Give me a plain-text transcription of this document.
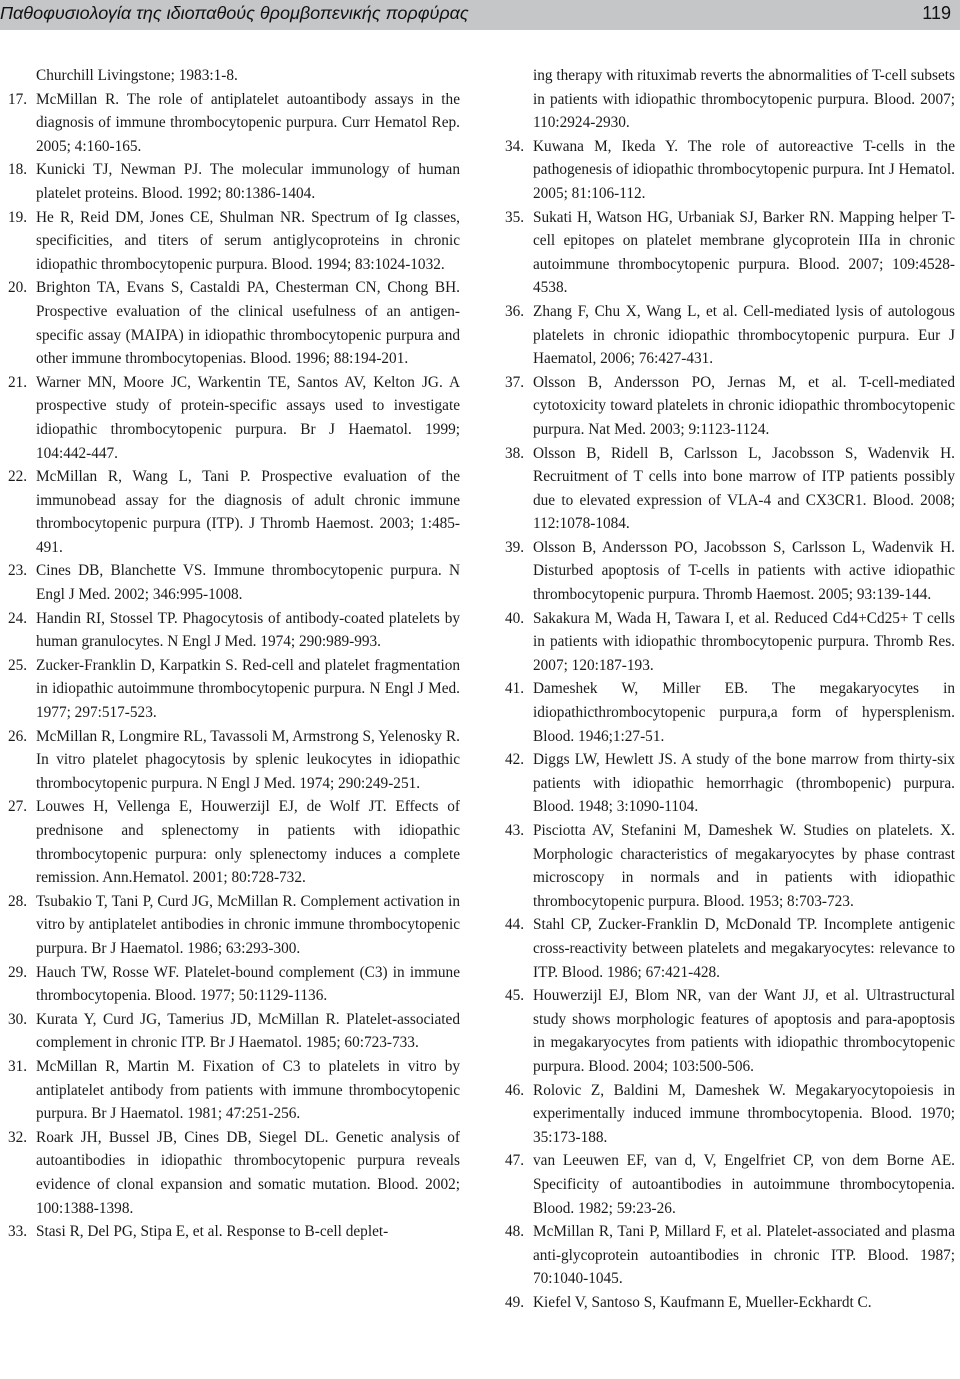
Παθοφυσιολογία της ιδιοπαθούς θρομβοπενικής πορφύρας	119
Churchill Livingstone; 1983:1-8.
17. McMillan R. The role of antiplatelet autoantibody assays in the diagnosis of immune thrombocytopenic purpura. Curr Hematol Rep. 2005; 4:160-165.
18. Kunicki TJ, Newman PJ. The molecular immunology of human platelet proteins. Blood. 1992; 80:1386-1404.
19. He R, Reid DM, Jones CE, Shulman NR. Spectrum of Ig classes, specificities, and titers of serum antiglycoproteins in chronic idiopathic thrombocytopenic purpura. Blood. 1994; 83:1024-1032.
20. Brighton TA, Evans S, Castaldi PA, Chesterman CN, Chong BH. Prospective evaluation of the clinical usefulness of an antigen-specific assay (MAIPA) in idiopathic thrombocytopenic purpura and other immune thrombocytopenias. Blood. 1996; 88:194-201.
21. Warner MN, Moore JC, Warkentin TE, Santos AV, Kelton JG. A prospective study of protein-specific assays used to investigate idiopathic thrombocytopenic purpura. Br J Haematol. 1999; 104:442-447.
22. McMillan R, Wang L, Tani P. Prospective evaluation of the immunobead assay for the diagnosis of adult chronic immune thrombocytopenic purpura (ITP). J Thromb Haemost. 2003; 1:485-491.
23. Cines DB, Blanchette VS. Immune thrombocytopenic purpura. N Engl J Med. 2002; 346:995-1008.
24. Handin RI, Stossel TP. Phagocytosis of antibody-coated platelets by human granulocytes. N Engl J Med. 1974; 290:989-993.
25. Zucker-Franklin D, Karpatkin S. Red-cell and platelet fragmentation in idiopathic autoimmune thrombocytopenic purpura. N Engl J Med. 1977; 297:517-523.
26. McMillan R, Longmire RL, Tavassoli M, Armstrong S, Yelenosky R. In vitro platelet phagocytosis by splenic leukocytes in idiopathic thrombocytopenic purpura. N Engl J Med. 1974; 290:249-251.
27. Louwes H, Vellenga E, Houwerzijl EJ, de Wolf JT. Effects of prednisone and splenectomy in patients with idiopathic thrombocytopenic purpura: only splenectomy induces a complete remission. Ann.Hematol. 2001; 80:728-732.
28. Tsubakio T, Tani P, Curd JG, McMillan R. Complement activation in vitro by antiplatelet antibodies in chronic immune thrombocytopenic purpura. Br J Haematol. 1986; 63:293-300.
29. Hauch TW, Rosse WF. Platelet-bound complement (C3) in immune thrombocytopenia. Blood. 1977; 50:1129-1136.
30. Kurata Y, Curd JG, Tamerius JD, McMillan R. Platelet-associated complement in chronic ITP. Br J Haematol. 1985; 60:723-733.
31. McMillan R, Martin M. Fixation of C3 to platelets in vitro by antiplatelet antibody from patients with immune thrombocytopenic purpura. Br J Haematol. 1981; 47:251-256.
32. Roark JH, Bussel JB, Cines DB, Siegel DL. Genetic analysis of autoantibodies in idiopathic thrombocytopenic purpura reveals evidence of clonal expansion and somatic mutation. Blood. 2002; 100:1388-1398.
33. Stasi R, Del PG, Stipa E, et al. Response to B-cell deplet-
ing therapy with rituximab reverts the abnormalities of T-cell subsets in patients with idiopathic thrombocytopenic purpura. Blood. 2007; 110:2924-2930.
34. Kuwana M, Ikeda Y. The role of autoreactive T-cells in the pathogenesis of idiopathic thrombocytopenic purpura. Int J Hematol. 2005; 81:106-112.
35. Sukati H, Watson HG, Urbaniak SJ, Barker RN. Mapping helper T-cell epitopes on platelet membrane glycoprotein IIIa in chronic autoimmune thrombocytopenic purpura. Blood. 2007; 109:4528-4538.
36. Zhang F, Chu X, Wang L, et al. Cell-mediated lysis of autologous platelets in chronic idiopathic thrombocytopenic purpura. Eur J Haematol, 2006; 76:427-431.
37. Olsson B, Andersson PO, Jernas M, et al. T-cell-mediated cytotoxicity toward platelets in chronic idiopathic thrombocytopenic purpura. Nat Med. 2003; 9:1123-1124.
38. Olsson B, Ridell B, Carlsson L, Jacobsson S, Wadenvik H. Recruitment of T cells into bone marrow of ITP patients possibly due to elevated expression of VLA-4 and CX3CR1. Blood. 2008; 112:1078-1084.
39. Olsson B, Andersson PO, Jacobsson S, Carlsson L, Wadenvik H. Disturbed apoptosis of T-cells in patients with active idiopathic thrombocytopenic purpura. Thromb Haemost. 2005; 93:139-144.
40. Sakakura M, Wada H, Tawara I, et al. Reduced Cd4+Cd25+ T cells in patients with idiopathic thrombocytopenic purpura. Thromb Res. 2007; 120:187-193.
41. Dameshek W, Miller EB. The megakaryocytes in idiopathicthrombocytopenic purpura,a form of hypersplenism. Blood. 1946;1:27-51.
42. Diggs LW, Hewlett JS. A study of the bone marrow from thirty-six patients with idiopathic hemorrhagic (thrombopenic) purpura. Blood. 1948; 3:1090-1104.
43. Pisciotta AV, Stefanini M, Dameshek W. Studies on platelets. X. Morphologic characteristics of megakaryocytes by phase contrast microscopy in normals and in patients with idiopathic thrombocytopenic purpura. Blood. 1953; 8:703-723.
44. Stahl CP, Zucker-Franklin D, McDonald TP. Incomplete antigenic cross-reactivity between platelets and megakaryocytes: relevance to ITP. Blood. 1986; 67:421-428.
45. Houwerzijl EJ, Blom NR, van der Want JJ, et al. Ultrastructural study shows morphologic features of apoptosis and para-apoptosis in megakaryocytes from patients with idiopathic thrombocytopenic purpura. Blood. 2004; 103:500-506.
46. Rolovic Z, Baldini M, Dameshek W. Megakaryocytopoiesis in experimentally induced immune thrombocytopenia. Blood. 1970; 35:173-188.
47. van Leeuwen EF, van d, V, Engelfriet CP, von dem Borne AE. Specificity of autoantibodies in autoimmune thrombocytopenia. Blood. 1982; 59:23-26.
48. McMillan R, Tani P, Millard F, et al. Platelet-associated and plasma anti-glycoprotein autoantibodies in chronic ITP. Blood. 1987; 70:1040-1045.
49. Kiefel V, Santoso S, Kaufmann E, Mueller-Eckhardt C.
